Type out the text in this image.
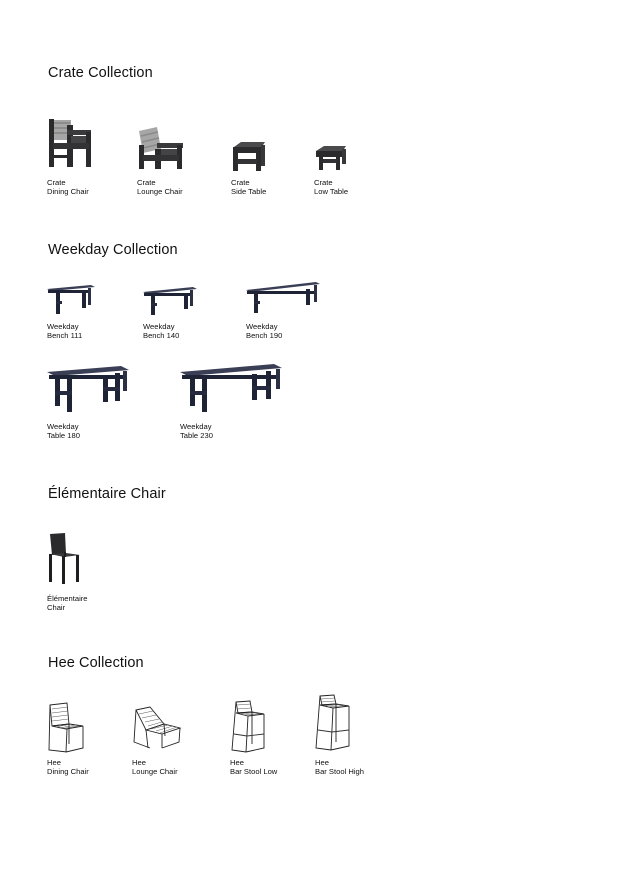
Crate Collection
Crate
Dining Chair
Crate
Lounge Chair
Crate
Side Table
Crate
Low Table
Weekday Collection
Weekday
Bench 111
Weekday
Bench 140
Weekday
Bench 190
Weekday
Table 180
Weekday
Table 230
Élémentaire Chair
Élémentaire
Chair
Hee Collection
Hee
Dining Chair
Hee
Lounge Chair
Hee
Bar Stool Low
Hee
Bar Stool High
